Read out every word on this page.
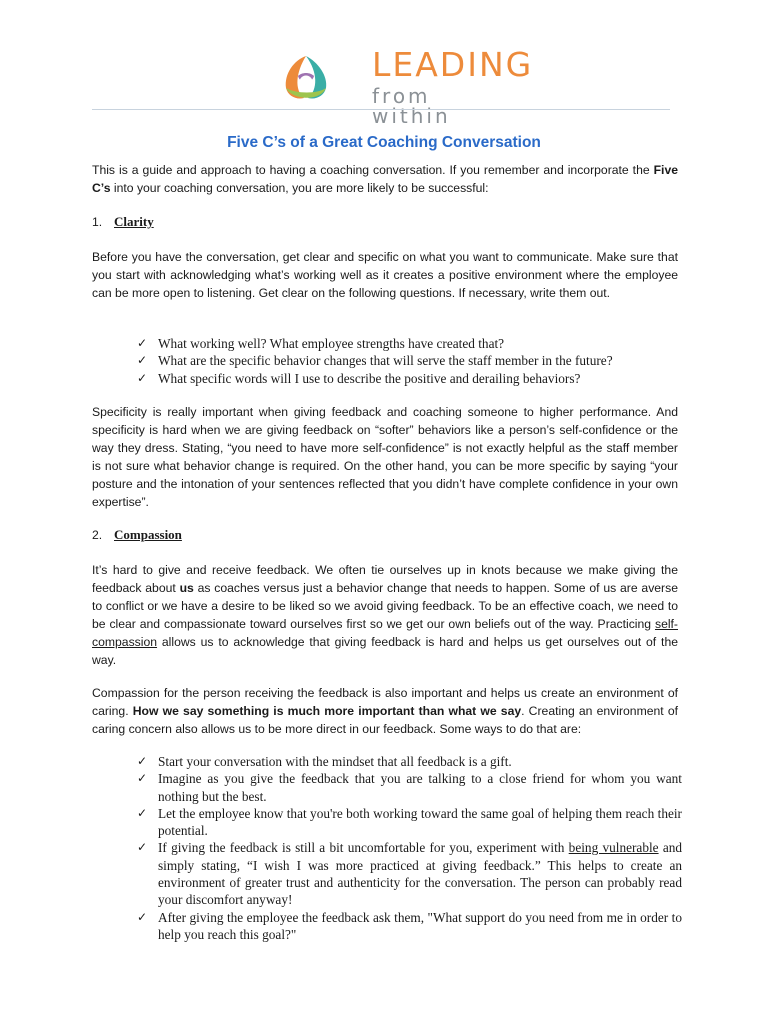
LEADING
from within
Five C’s of a Great Coaching Conversation
This is a guide and approach to having a coaching conversation. If you remember and incorporate the Five C’s into your coaching conversation, you are more likely to be successful:
1. Clarity
Before you have the conversation, get clear and specific on what you want to communicate. Make sure that you start with acknowledging what’s working well as it creates a positive environment where the employee can be more open to listening. Get clear on the following questions. If necessary, write them out.
✓ What working well? What employee strengths have created that?
✓ What are the specific behavior changes that will serve the staff member in the future?
✓ What specific words will I use to describe the positive and derailing behaviors?
Specificity is really important when giving feedback and coaching someone to higher performance. And specificity is hard when we are giving feedback on “softer” behaviors like a person’s self-confidence or the way they dress. Stating, “you need to have more self-confidence” is not exactly helpful as the staff member is not sure what behavior change is required. On the other hand, you can be more specific by saying “your posture and the intonation of your sentences reflected that you didn’t have complete confidence in your own expertise”.
2. Compassion
It’s hard to give and receive feedback. We often tie ourselves up in knots because we make giving the feedback about us as coaches versus just a behavior change that needs to happen. Some of us are averse to conflict or we have a desire to be liked so we avoid giving feedback. To be an effective coach, we need to be clear and compassionate toward ourselves first so we get our own beliefs out of the way. Practicing self-compassion allows us to acknowledge that giving feedback is hard and helps us get ourselves out of the way.
Compassion for the person receiving the feedback is also important and helps us create an environment of caring. How we say something is much more important than what we say. Creating an environment of caring concern also allows us to be more direct in our feedback. Some ways to do that are:
✓ Start your conversation with the mindset that all feedback is a gift.
✓ Imagine as you give the feedback that you are talking to a close friend for whom you want nothing but the best.
✓ Let the employee know that you're both working toward the same goal of helping them reach their potential.
✓ If giving the feedback is still a bit uncomfortable for you, experiment with being vulnerable and simply stating, “I wish I was more practiced at giving feedback.” This helps to create an environment of greater trust and authenticity for the conversation. The person can probably read your discomfort anyway!
✓ After giving the employee the feedback ask them, "What support do you need from me in order to help you reach this goal?"
